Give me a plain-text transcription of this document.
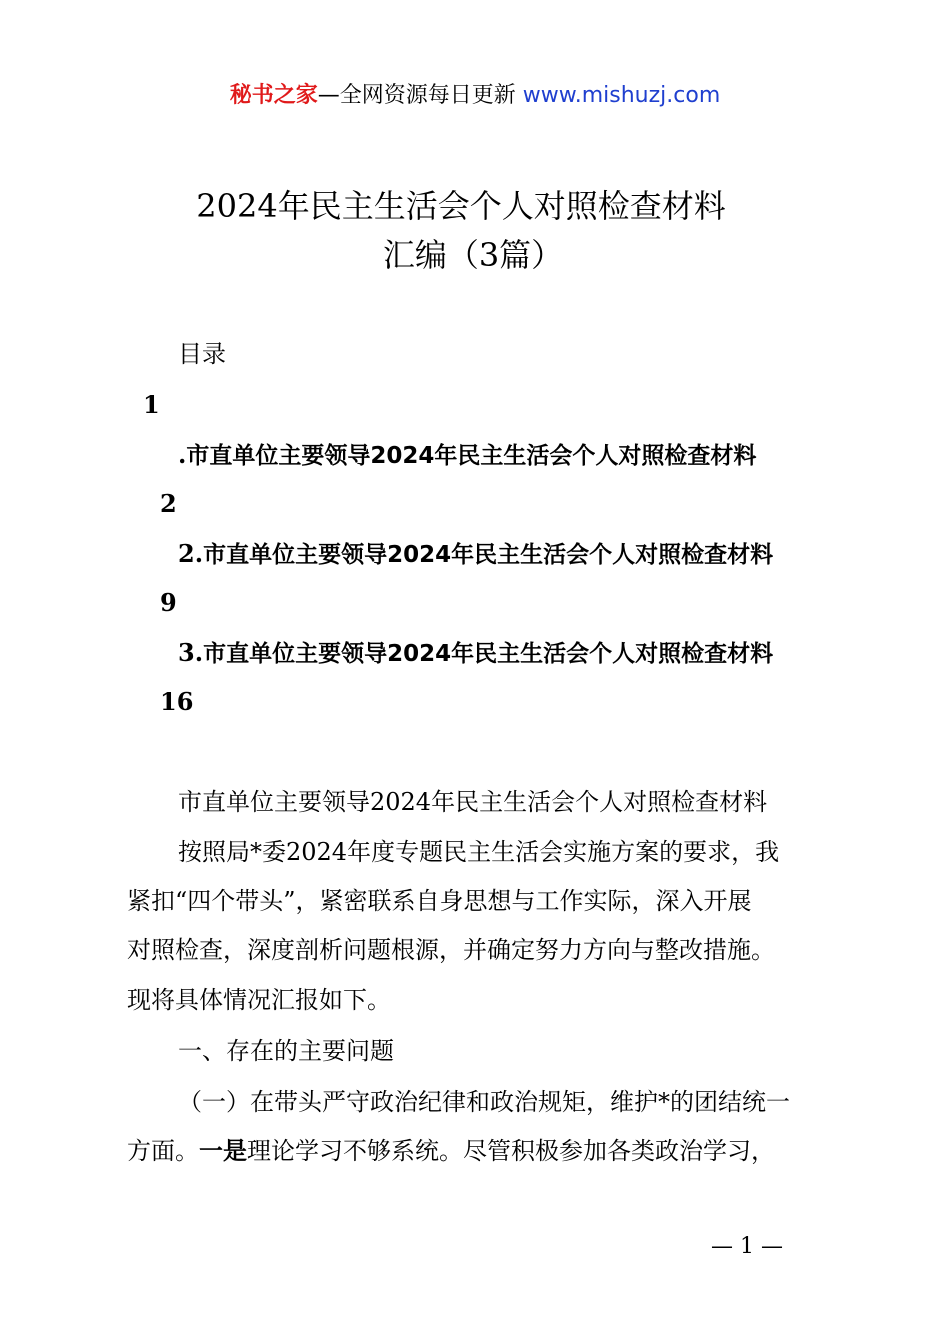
秘书之家—全网资源每日更新 www.mishuzj.com
2024年民主生活会个人对照检查材料
汇编（3篇）
目录
1
.市直单位主要领导2024年民主生活会个人对照检查材料
2
2.市直单位主要领导2024年民主生活会个人对照检查材料
9
3.市直单位主要领导2024年民主生活会个人对照检查材料
16
市直单位主要领导2024年民主生活会个人对照检查材料
按照局*委2024年度专题民主生活会实施方案的要求，我
紧扣“四个带头”，紧密联系自身思想与工作实际，深入开展
对照检查，深度剖析问题根源，并确定努力方向与整改措施。
现将具体情况汇报如下。
一、存在的主要问题
（一）在带头严守政治纪律和政治规矩，维护*的团结统一
方面。一是理论学习不够系统。尽管积极参加各类政治学习，
— 1 —
